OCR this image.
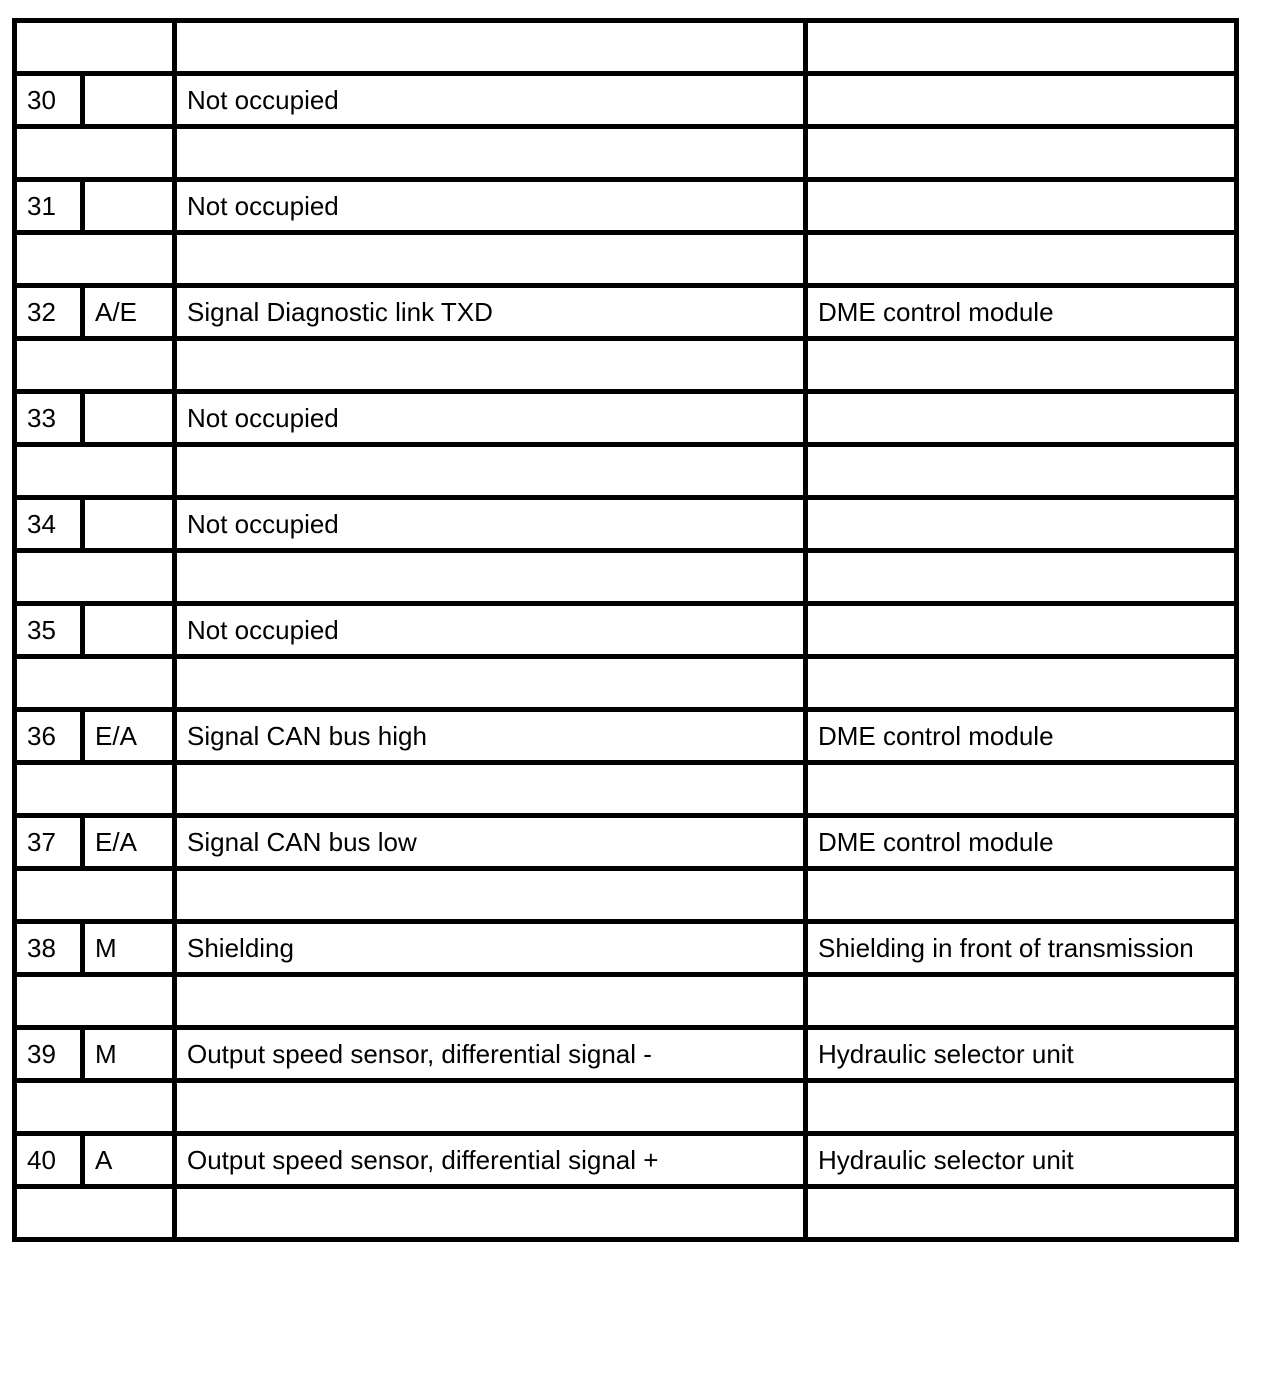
30		Not occupied	

31		Not occupied	

32	A/E	Signal Diagnostic link TXD	DME control module

33		Not occupied	

34		Not occupied	

35		Not occupied	

36	E/A	Signal CAN bus high	DME control module

37	E/A	Signal CAN bus low	DME control module

38	M	Shielding	Shielding in front of transmission

39	M	Output speed sensor, differential signal -	Hydraulic selector unit

40	A	Output speed sensor, differential signal +	Hydraulic selector unit
